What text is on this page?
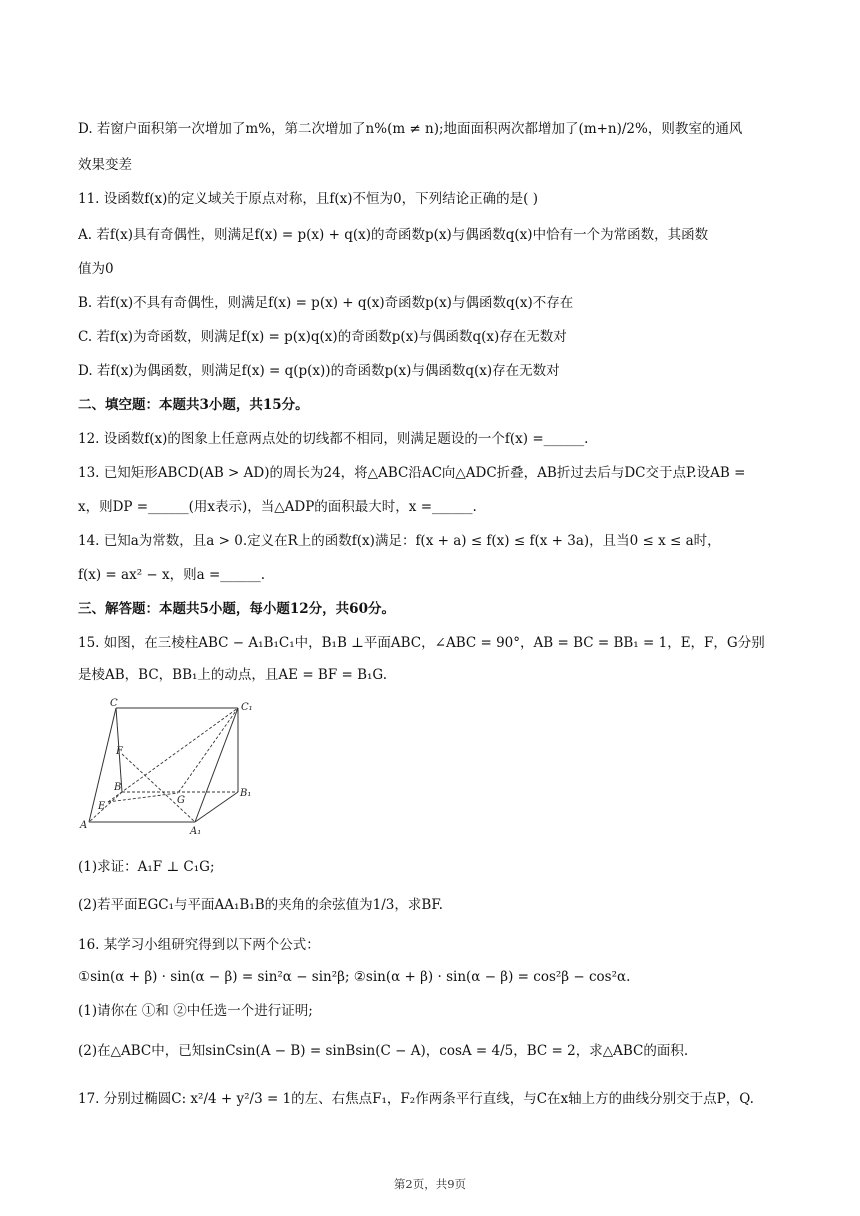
D. 若窗户面积第一次增加了m%，第二次增加了n%(m ≠ n);地面面积两次都增加了(m+n)/2%，则教室的通风
效果变差
11. 设函数f(x)的定义域关于原点对称，且f(x)不恒为0，下列结论正确的是( )
A. 若f(x)具有奇偶性，则满足f(x) = p(x) + q(x)的奇函数p(x)与偶函数q(x)中恰有一个为常函数，其函数
值为0
B. 若f(x)不具有奇偶性，则满足f(x) = p(x) + q(x)奇函数p(x)与偶函数q(x)不存在
C. 若f(x)为奇函数，则满足f(x) = p(x)q(x)的奇函数p(x)与偶函数q(x)存在无数对
D. 若f(x)为偶函数，则满足f(x) = q(p(x))的奇函数p(x)与偶函数q(x)存在无数对
二、填空题：本题共3小题，共15分。
12. 设函数f(x)的图象上任意两点处的切线都不相同，则满足题设的一个f(x) =______.
13. 已知矩形ABCD(AB > AD)的周长为24，将△ABC沿AC向△ADC折叠，AB折过去后与DC交于点P.设AB =
x，则DP =______(用x表示)，当△ADP的面积最大时，x =______.
14. 已知a为常数，且a > 0.定义在R上的函数f(x)满足：f(x + a) ≤ f(x) ≤ f(x + 3a)，且当0 ≤ x ≤ a时，
f(x) = ax² − x，则a =______.
三、解答题：本题共5小题，每小题12分，共60分。
15. 如图，在三棱柱ABC − A₁B₁C₁中，B₁B ⊥平面ABC，∠ABC = 90°，AB = BC = BB₁ = 1，E，F，G分别
是棱AB，BC，BB₁上的动点，且AE = BF = B₁G.
C	C₁
F
B
G
B₁
E
A
A₁
(1)求证：A₁F ⊥ C₁G;
(2)若平面EGC₁与平面AA₁B₁B的夹角的余弦值为1/3，求BF.
16. 某学习小组研究得到以下两个公式：
①sin(α + β) · sin(α − β) = sin²α − sin²β; ②sin(α + β) · sin(α − β) = cos²β − cos²α.
(1)请你在 ①和 ②中任选一个进行证明;
(2)在△ABC中，已知sinCsin(A − B) = sinBsin(C − A)，cosA = 4/5，BC = 2，求△ABC的面积.
17. 分别过椭圆C: x²/4 + y²/3 = 1的左、右焦点F₁，F₂作两条平行直线，与C在x轴上方的曲线分别交于点P，Q.
第2页，共9页
